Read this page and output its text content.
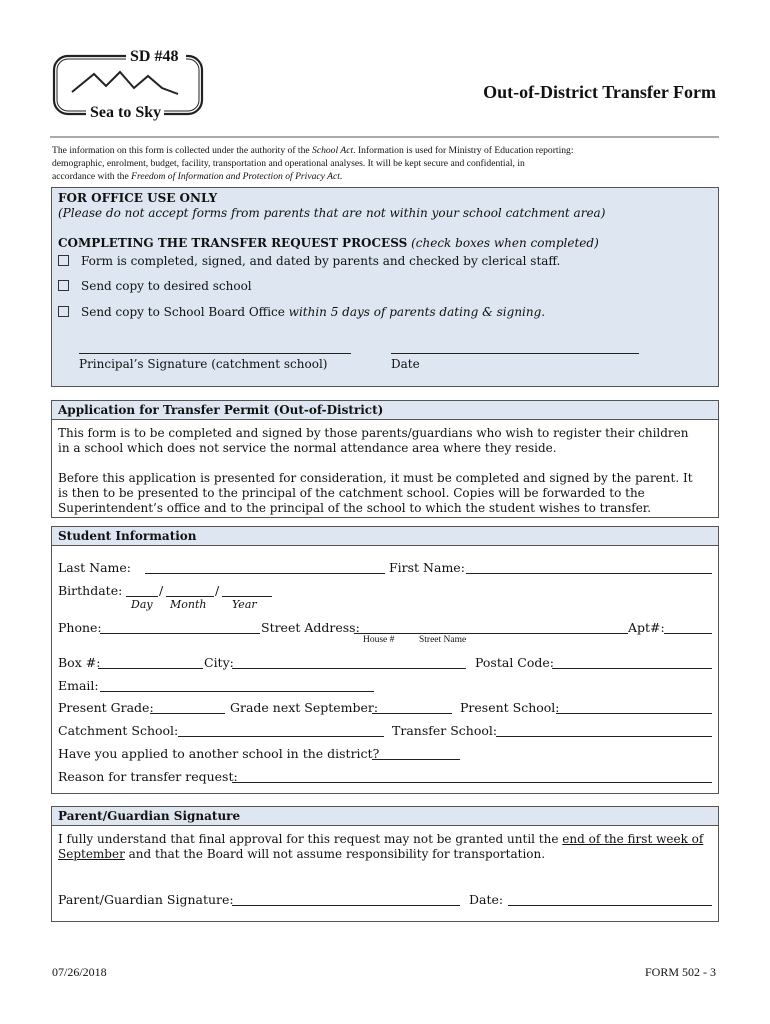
SD #48
Sea to Sky
Out-of-District Transfer Form
The information on this form is collected under the authority of the School Act. Information is used for Ministry of Education reporting:
demographic, enrolment, budget, facility, transportation and operational analyses. It will be kept secure and confidential, in
accordance with the Freedom of Information and Protection of Privacy Act.
FOR OFFICE USE ONLY
(Please do not accept forms from parents that are not within your school catchment area)
COMPLETING THE TRANSFER REQUEST PROCESS (check boxes when completed)
Form is completed, signed, and dated by parents and checked by clerical staff.
Send copy to desired school
Send copy to School Board Office within 5 days of parents dating & signing.
Principal’s Signature (catchment school)	Date
Application for Transfer Permit (Out-of-District)
This form is to be completed and signed by those parents/guardians who wish to register their children
in a school which does not service the normal attendance area where they reside.
Before this application is presented for consideration, it must be completed and signed by the parent. It
is then to be presented to the principal of the catchment school. Copies will be forwarded to the
Superintendent’s office and to the principal of the school to which the student wishes to transfer.
Student Information
Last Name:	First Name:
Birthdate:	/	/
Day Month Year
Phone:	Street Address:	Apt#:
House #	Street Name
Box #:	City:	Postal Code:
Email:
Present Grade:	Grade next September:	Present School:
Catchment School:	Transfer School:
Have you applied to another school in the district?
Reason for transfer request:
Parent/Guardian Signature
I fully understand that final approval for this request may not be granted until the end of the first week of
September and that the Board will not assume responsibility for transportation.
Parent/Guardian Signature:	Date:
07/26/2018	FORM 502 - 3
